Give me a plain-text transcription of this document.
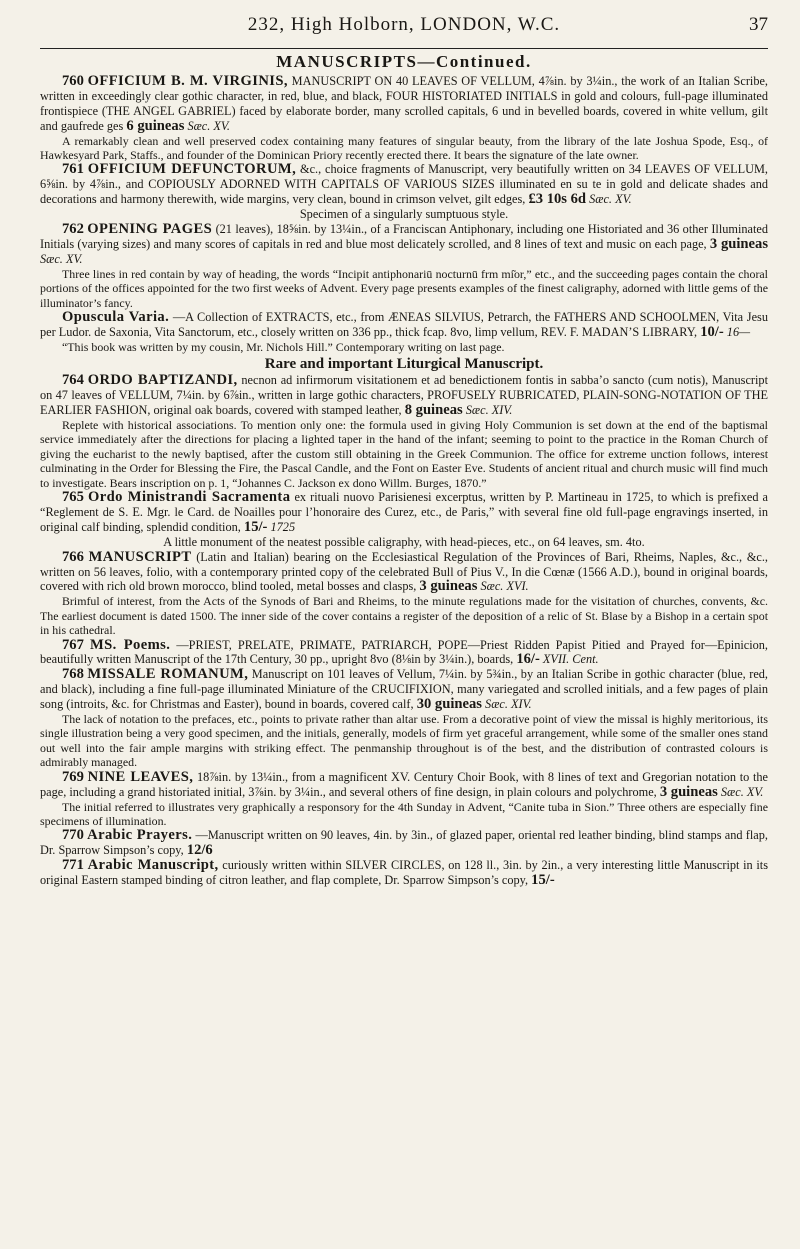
232, High Holborn, LONDON, W.C.	37
MANUSCRIPTS—Continued.

760 OFFICIUM B. M. VIRGINIS, MANUSCRIPT ON 40 LEAVES OF VELLUM, 4⅞in. by 3¼in., the work of an Italian Scribe, written in exceedingly clear gothic character, in red, blue, and black, FOUR HISTORIATED INITIALS in gold and colours, full-page illuminated frontispiece (THE ANGEL GABRIEL) faced by elaborate border, many scrolled capitals, 6 und in bevelled boards, covered in white vellum, gilt and gaufrede ges 6 guineas Sæc. XV.

A remarkably clean and well preserved codex containing many features of singular beauty, from the library of the late Joshua Spode, Esq., of Hawkesyard Park, Staffs., and founder of the Dominican Priory recently erected there. It bears the signature of the late owner.

761 OFFICIUM DEFUNCTORUM, &c., choice fragments of Manuscript, very beautifully written on 34 LEAVES OF VELLUM, 6⅝in. by 4⅞in., and COPIOUSLY ADORNED WITH CAPITALS OF VARIOUS SIZES illuminated en su te in gold and delicate shades and decorations and harmony therewith, wide margins, very clean, bound in crimson velvet, gilt edges, £3 10s 6d Sæc. XV.

Specimen of a singularly sumptuous style.

762 OPENING PAGES (21 leaves), 18⅝in. by 13¼in., of a Franciscan Antiphonary, including one Historiated and 36 other Illuminated Initials (varying sizes) and many scores of capitals in red and blue most delicately scrolled, and 8 lines of text and music on each page, 3 guineas Sæc. XV.

Three lines in red contain by way of heading, the words “Incipit antiphonariū nocturnū frm mi͂or,” etc., and the succeeding pages contain the choral portions of the offices appointed for the two first weeks of Advent. Every page presents examples of the finest caligraphy, adorned with little gems of the illuminator’s fancy.

Opuscula Varia. —A Collection of EXTRACTS, etc., from ÆNEAS SILVIUS, Petrarch, the FATHERS AND SCHOOLMEN, Vita Jesu per Ludor. de Saxonia, Vita Sanctorum, etc., closely written on 336 pp., thick fcap. 8vo, limp vellum, REV. F. MADAN’S LIBRARY, 10/- 16—

“This book was written by my cousin, Mr. Nichols Hill.” Contemporary writing on last page.

Rare and important Liturgical Manuscript.

764 ORDO BAPTIZANDI, necnon ad infirmorum visitationem et ad benedictionem fontis in sabba’o sancto (cum notis), Manuscript on 47 leaves of VELLUM, 7¼in. by 6⅞in., written in large gothic characters, PROFUSELY RUBRICATED, PLAIN-SONG-NOTATION OF THE EARLIER FASHION, original oak boards, covered with stamped leather, 8 guineas Sæc. XIV.

Replete with historical associations. To mention only one: the formula used in giving Holy Communion is set down at the end of the baptismal service immediately after the directions for placing a lighted taper in the hand of the infant; seeming to point to the practice in the Roman Church of giving the eucharist to the newly baptised, after the custom still obtaining in the Greek Communion. The office for extreme unction follows, interest culminating in the Order for Blessing the Fire, the Pascal Candle, and the Font on Easter Eve. Students of ancient ritual and church music will find much to investigate. Bears inscription on p. 1, “Johannes C. Jackson ex dono Willm. Burges, 1870.”

765 Ordo Ministrandi Sacramenta ex rituali nuovo Parisienesi excerptus, written by P. Martineau in 1725, to which is prefixed a “Reglement de S. E. Mgr. le Card. de Noailles pour l’honoraire des Curez, etc., de Paris,” with several fine old full-page engravings inserted, in original calf binding, splendid condition, 15/- 1725

A little monument of the neatest possible caligraphy, with head-pieces, etc., on 64 leaves, sm. 4to.

766 MANUSCRIPT (Latin and Italian) bearing on the Ecclesiastical Regulation of the Provinces of Bari, Rheims, Naples, &c., &c., written on 56 leaves, folio, with a contemporary printed copy of the celebrated Bull of Pius V., In die Cœnæ (1566 A.D.), bound in original boards, covered with rich old brown morocco, blind tooled, metal bosses and clasps, 3 guineas Sæc. XVI.

Brimful of interest, from the Acts of the Synods of Bari and Rheims, to the minute regulations made for the visitation of churches, convents, &c. The earliest document is dated 1500. The inner side of the cover contains a register of the deposition of a relic of St. Blase by a Bishop in a certain spot in his cathedral.

767 MS. Poems. —PRIEST, PRELATE, PRIMATE, PATRIARCH, POPE—Priest Ridden Papist Pitied and Prayed for—Epinicion, beautifully written Manuscript of the 17th Century, 30 pp., upright 8vo (8⅛in by 3¼in.), boards, 16/- XVII. Cent.

768 MISSALE ROMANUM, Manuscript on 101 leaves of Vellum, 7¼in. by 5¾in., by an Italian Scribe in gothic character (blue, red, and black), including a fine full-page illuminated Miniature of the CRUCIFIXION, many variegated and scrolled initials, and a few pages of plain song (introits, &c. for Christmas and Easter), bound in boards, covered calf, 30 guineas Sæc. XIV.

The lack of notation to the prefaces, etc., points to private rather than altar use. From a decorative point of view the missal is highly meritorious, its single illustration being a very good specimen, and the initials, generally, models of firm yet graceful arrangement, while some of the smaller ones stand out well into the fair ample margins with striking effect. The penmanship throughout is of the best, and the distribution of contrasted colours is admirably managed.

769 NINE LEAVES, 18⅞in. by 13¼in., from a magnificent XV. Century Choir Book, with 8 lines of text and Gregorian notation to the page, including a grand historiated initial, 3⅞in. by 3¼in., and several others of fine design, in plain colours and polychrome, 3 guineas Sæc. XV.

The initial referred to illustrates very graphically a responsory for the 4th Sunday in Advent, “Canite tuba in Sion.” Three others are especially fine specimens of illumination.

770 Arabic Prayers. —Manuscript written on 90 leaves, 4in. by 3in., of glazed paper, oriental red leather binding, blind stamps and flap, Dr. Sparrow Simpson’s copy, 12/6

771 Arabic Manuscript, curiously written within SILVER CIRCLES, on 128 ll., 3in. by 2in., a very interesting little Manuscript in its original Eastern stamped binding of citron leather, and flap complete, Dr. Sparrow Simpson’s copy, 15/-
